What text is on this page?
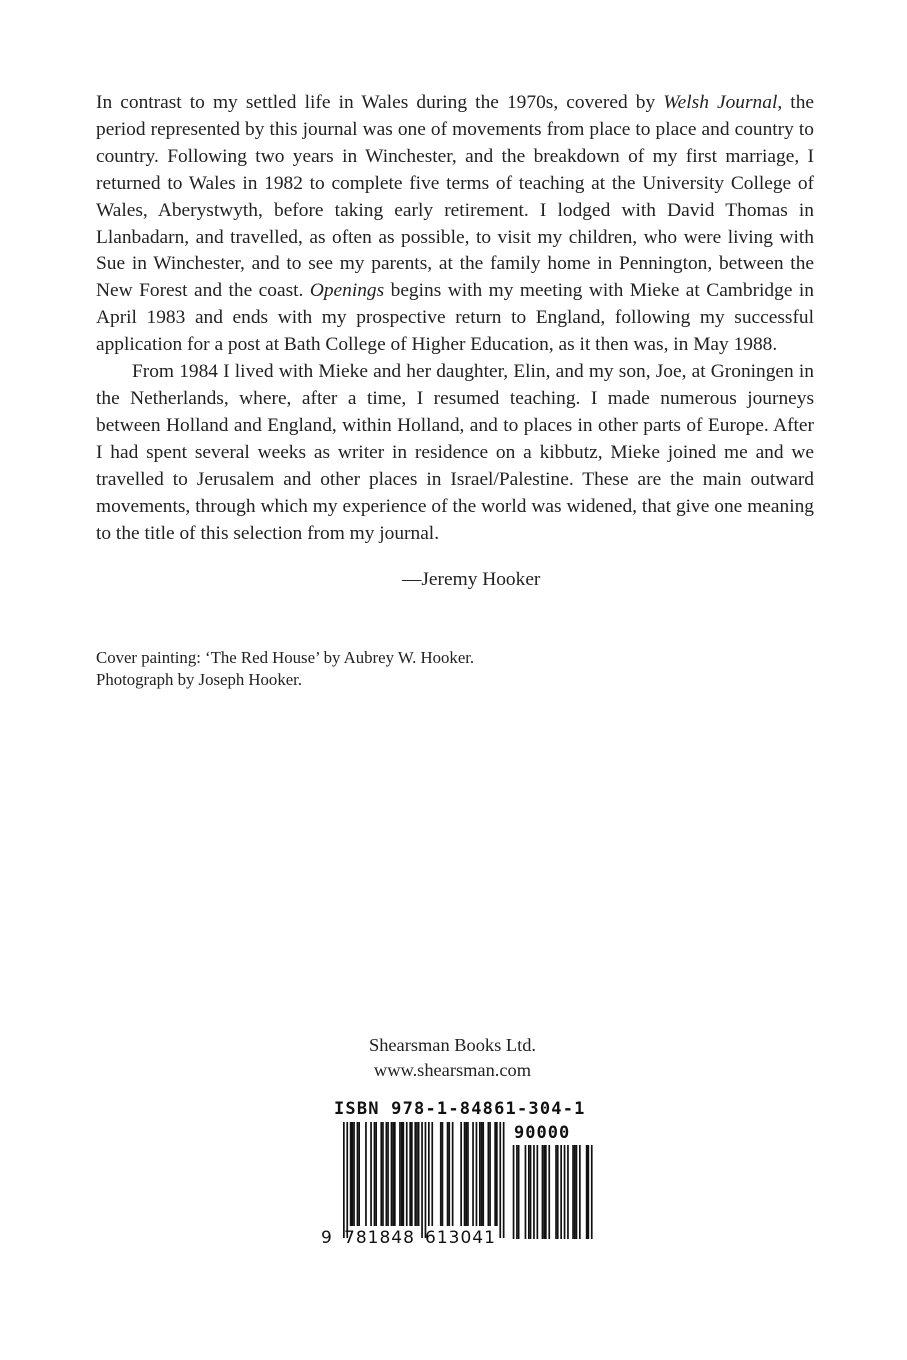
In contrast to my settled life in Wales during the 1970s, covered by Welsh Journal, the period represented by this journal was one of movements from place to place and country to country. Following two years in Winchester, and the breakdown of my first marriage, I returned to Wales in 1982 to complete five terms of teaching at the University College of Wales, Aberystwyth, before taking early retirement. I lodged with David Thomas in Llanbadarn, and travelled, as often as possible, to visit my children, who were living with Sue in Winchester, and to see my parents, at the family home in Pennington, between the New Forest and the coast. Openings begins with my meeting with Mieke at Cambridge in April 1983 and ends with my prospective return to England, following my successful application for a post at Bath College of Higher Education, as it then was, in May 1988.

From 1984 I lived with Mieke and her daughter, Elin, and my son, Joe, at Groningen in the Netherlands, where, after a time, I resumed teaching. I made numerous journeys between Holland and England, within Holland, and to places in other parts of Europe. After I had spent several weeks as writer in residence on a kibbutz, Mieke joined me and we travelled to Jerusalem and other places in Israel/Palestine. These are the main outward movements, through which my experience of the world was widened, that give one meaning to the title of this selection from my journal.

—Jeremy Hooker
Cover painting: ‘The Red House’ by Aubrey W. Hooker.
Photograph by Joseph Hooker.
Shearsman Books Ltd.
www.shearsman.com
ISBN 978-1-84861-304-1
90000
9 781848 613041
